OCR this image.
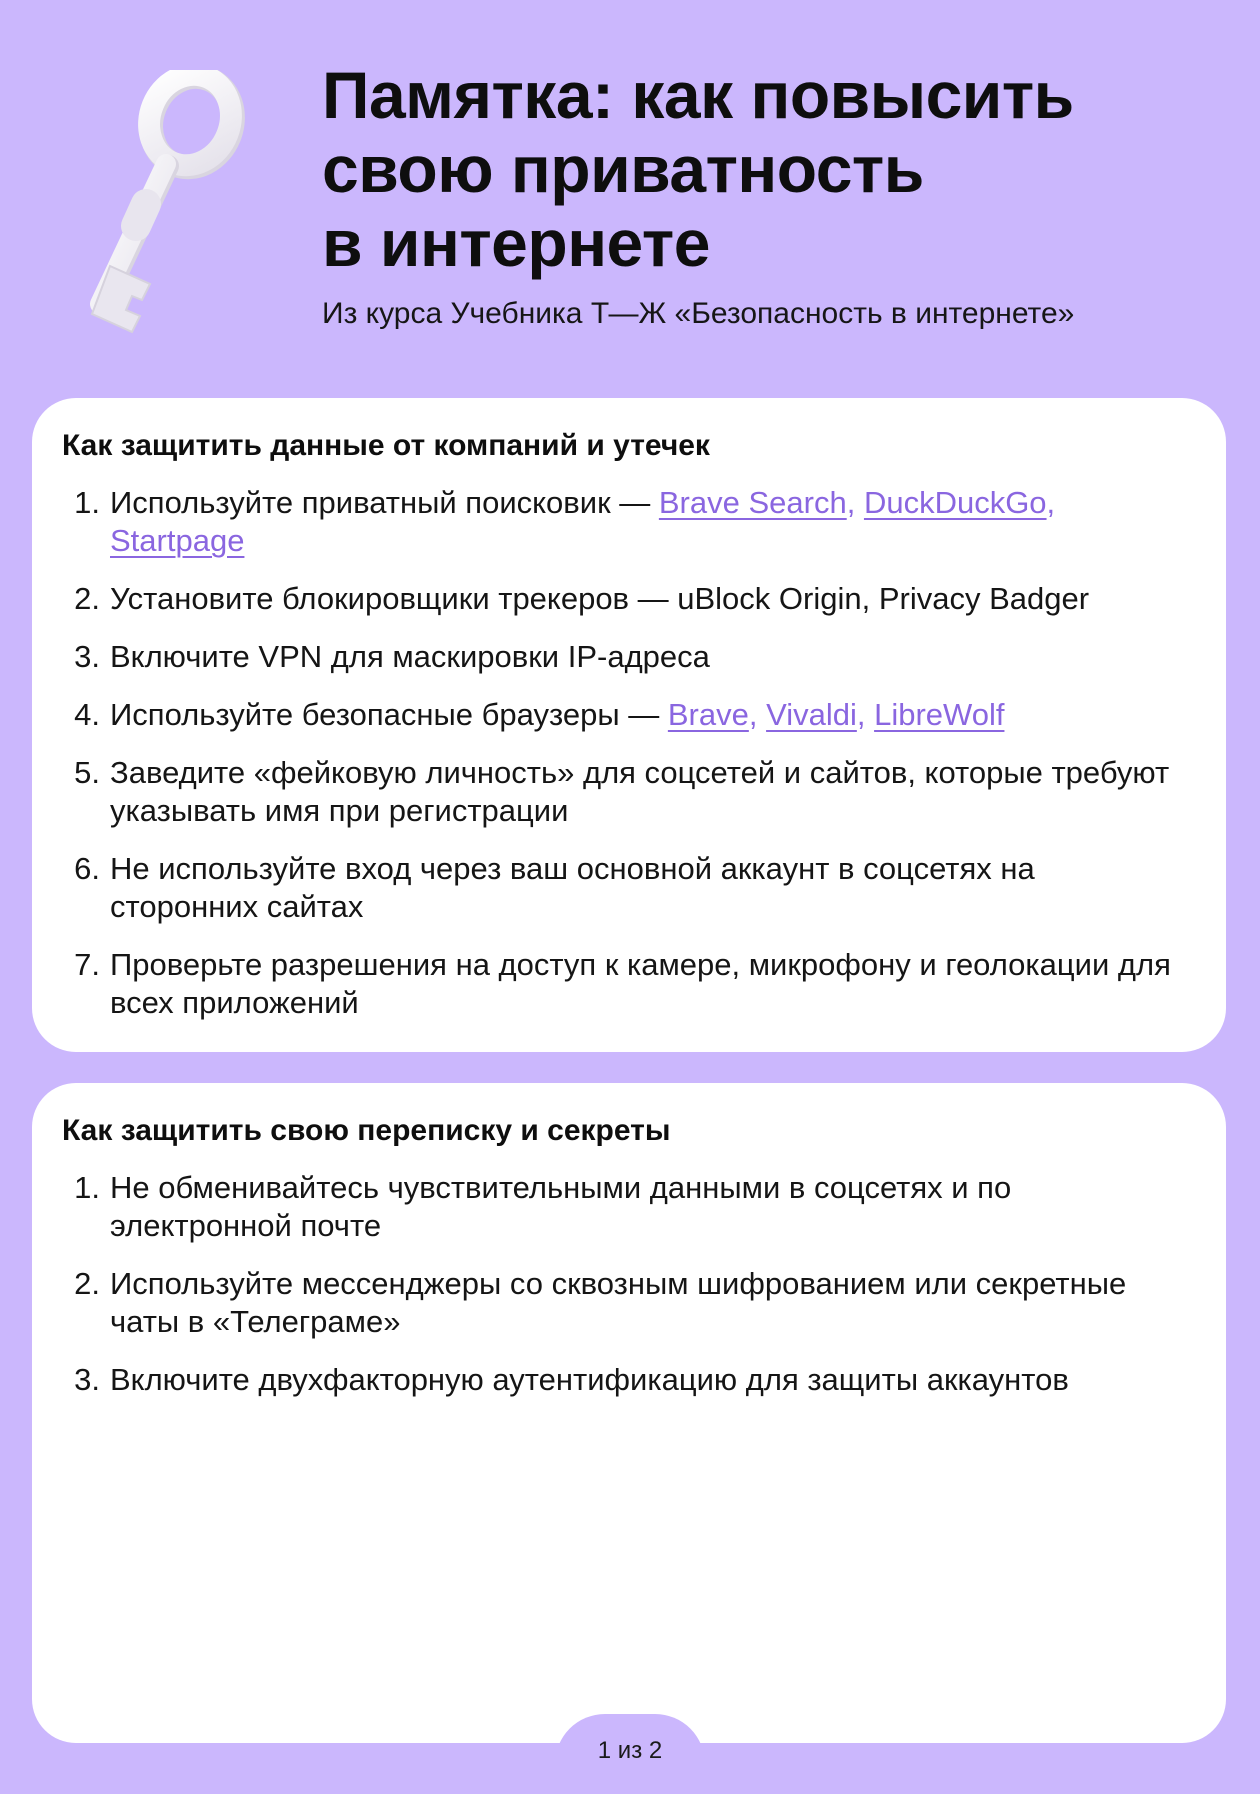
Памятка: как повысить
свою приватность
в интернете

Из курса Учебника Т—Ж «Безопасность в интернете»

Как защитить данные от компаний и утечек
1. Используйте приватный поисковик — Brave Search, DuckDuckGo, Startpage
2. Установите блокировщики трекеров — uBlock Origin, Privacy Badger
3. Включите VPN для маскировки IP-адреса
4. Используйте безопасные браузеры — Brave, Vivaldi, LibreWolf
5. Заведите «фейковую личность» для соцсетей и сайтов, которые требуют указывать имя при регистрации
6. Не используйте вход через ваш основной аккаунт в соцсетях на сторонних сайтах
7. Проверьте разрешения на доступ к камере, микрофону и геолокации для всех приложений
Как защитить свою переписку и секреты
1. Не обменивайтесь чувствительными данными в соцсетях и по электронной почте
2. Используйте мессенджеры со сквозным шифрованием или секретные чаты в «Телеграме»
3. Включите двухфакторную аутентификацию для защиты аккаунтов
1 из 2
